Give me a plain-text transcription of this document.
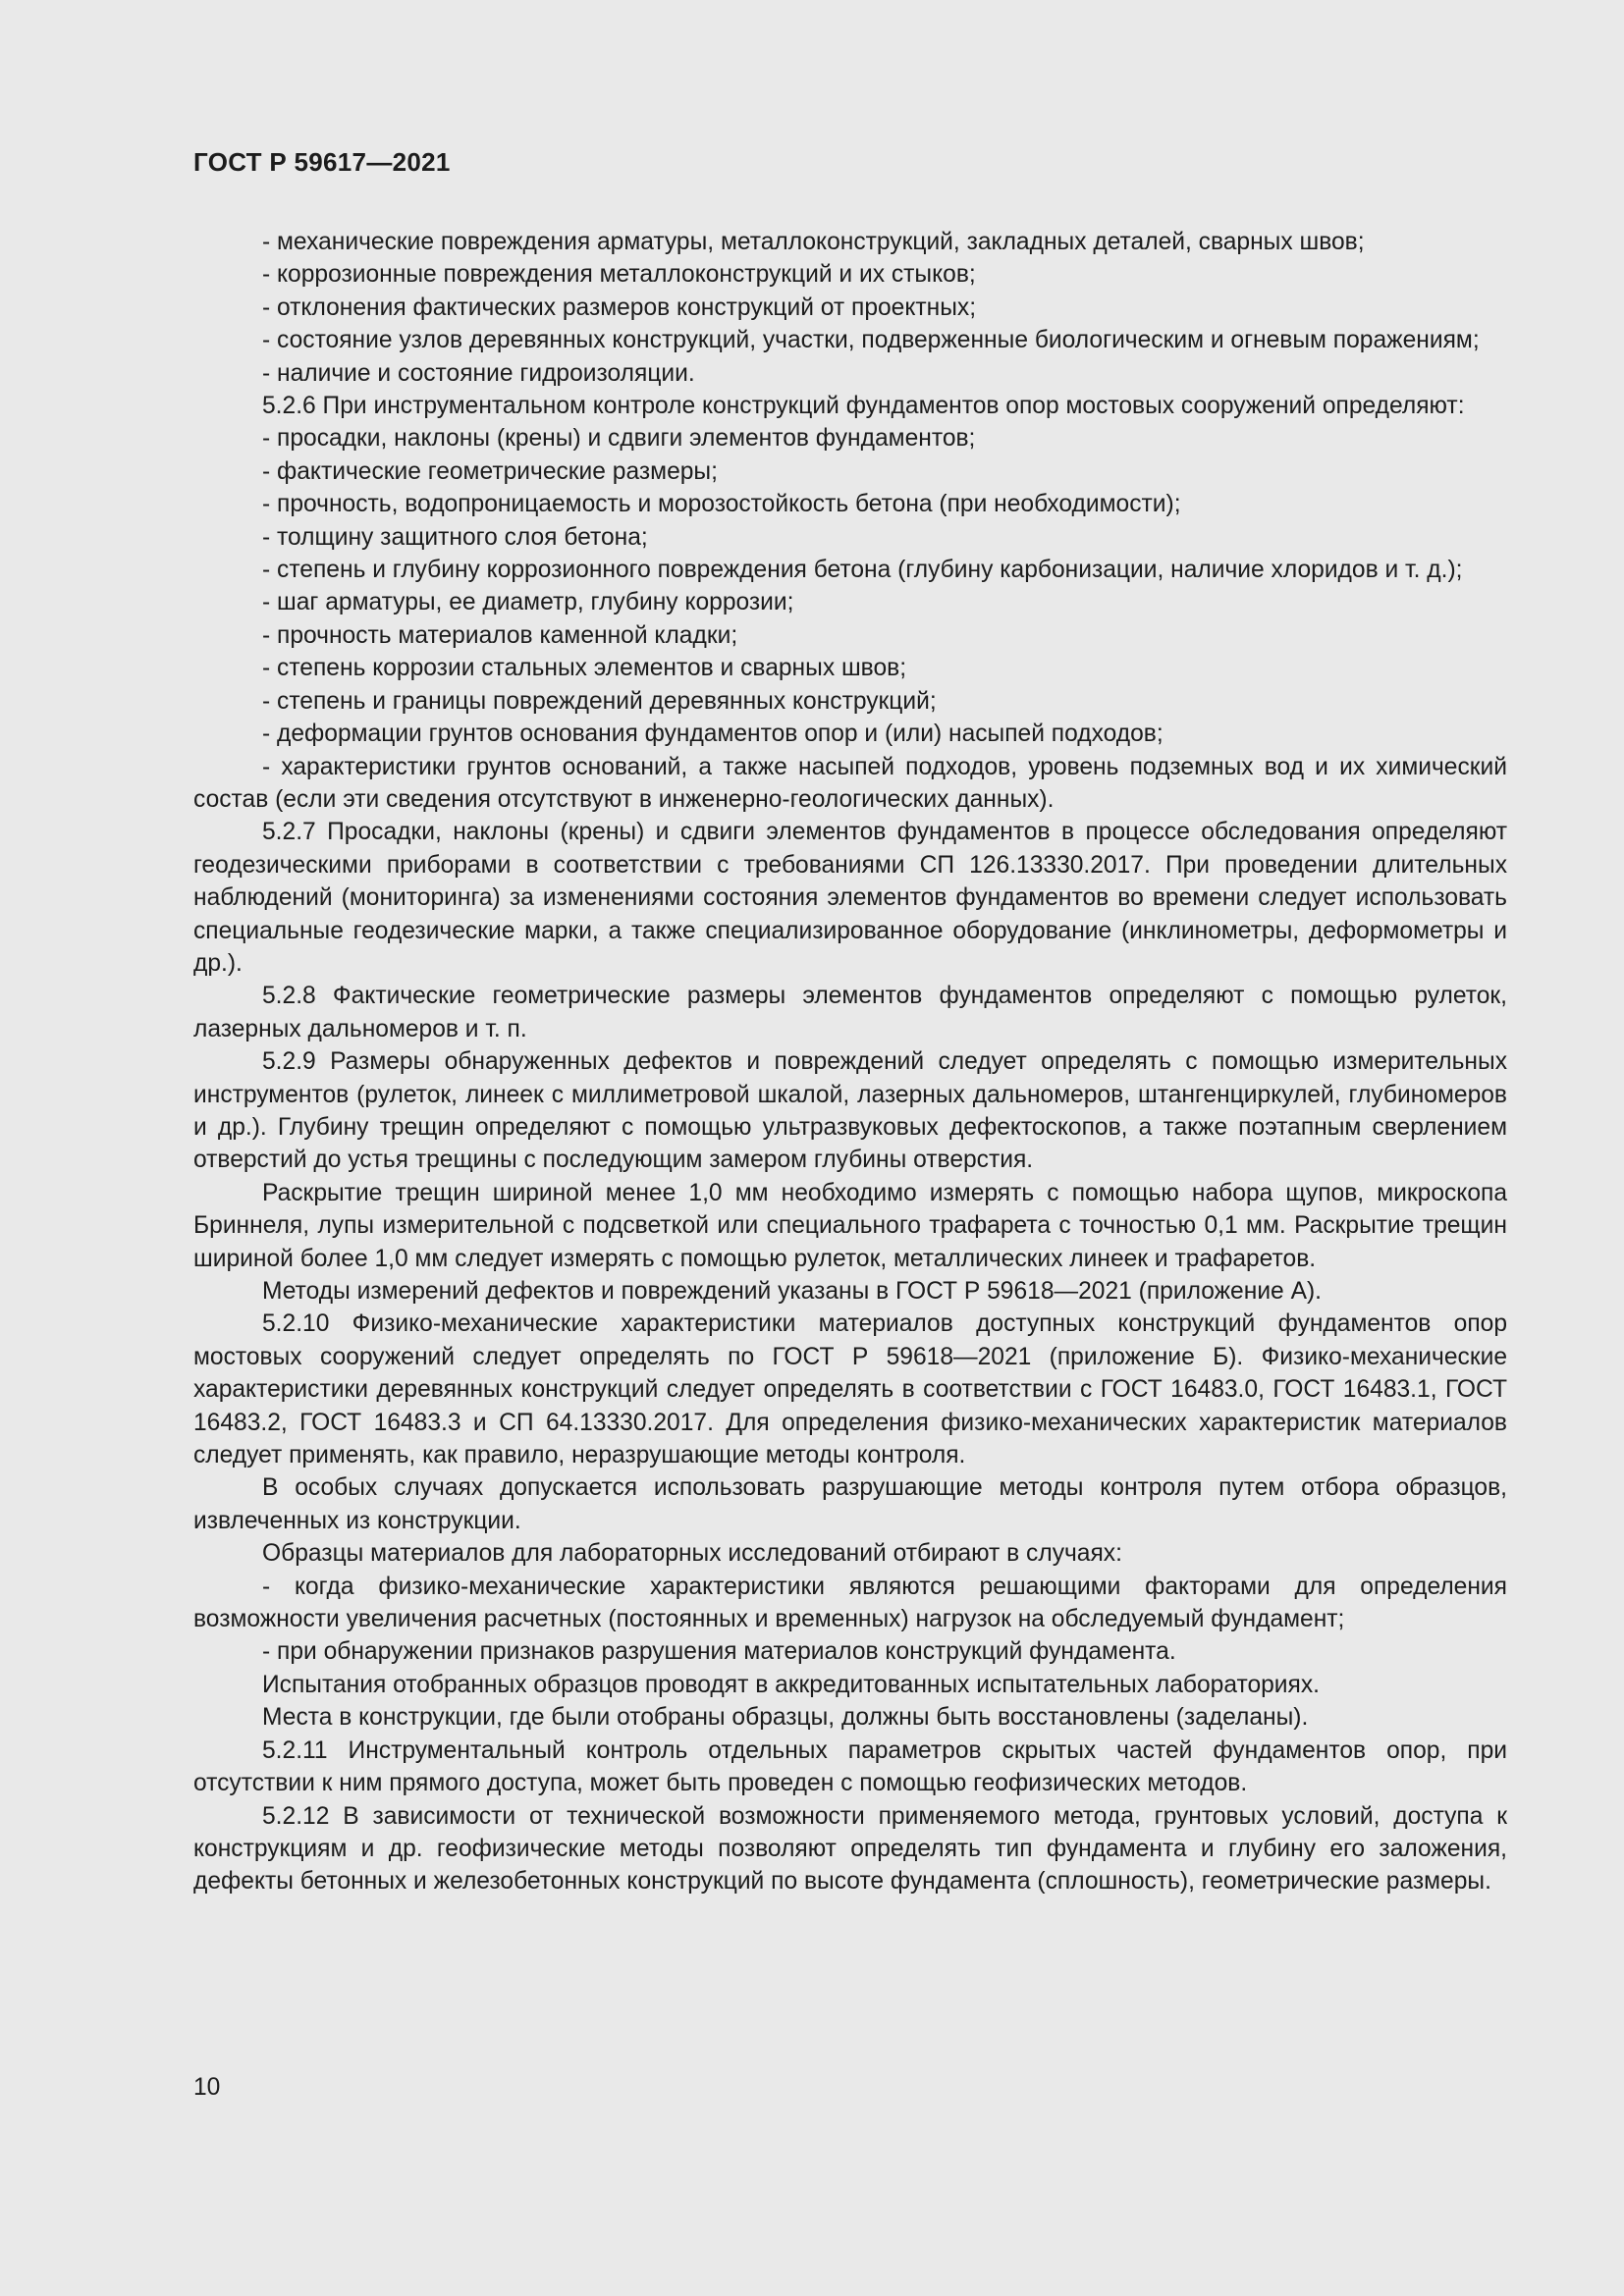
ГОСТ Р 59617—2021

- механические повреждения арматуры, металлоконструкций, закладных деталей, сварных швов;

- коррозионные повреждения металлоконструкций и их стыков;

- отклонения фактических размеров конструкций от проектных;

- состояние узлов деревянных конструкций, участки, подверженные биологическим и огневым поражениям;

- наличие и состояние гидроизоляции.

5.2.6 При инструментальном контроле конструкций фундаментов опор мостовых сооружений определяют:

- просадки, наклоны (крены) и сдвиги элементов фундаментов;

- фактические геометрические размеры;

- прочность, водопроницаемость и морозостойкость бетона (при необходимости);

- толщину защитного слоя бетона;

- степень и глубину коррозионного повреждения бетона (глубину карбонизации, наличие хлоридов и т. д.);

- шаг арматуры, ее диаметр, глубину коррозии;

- прочность материалов каменной кладки;

- степень коррозии стальных элементов и сварных швов;

- степень и границы повреждений деревянных конструкций;

- деформации грунтов основания фундаментов опор и (или) насыпей подходов;

- характеристики грунтов оснований, а также насыпей подходов, уровень подземных вод и их химический состав (если эти сведения отсутствуют в инженерно-геологических данных).

5.2.7 Просадки, наклоны (крены) и сдвиги элементов фундаментов в процессе обследования определяют геодезическими приборами в соответствии с требованиями СП 126.13330.2017. При проведении длительных наблюдений (мониторинга) за изменениями состояния элементов фундаментов во времени следует использовать специальные геодезические марки, а также специализированное оборудование (инклинометры, деформометры и др.).

5.2.8 Фактические геометрические размеры элементов фундаментов определяют с помощью рулеток, лазерных дальномеров и т. п.

5.2.9 Размеры обнаруженных дефектов и повреждений следует определять с помощью измерительных инструментов (рулеток, линеек с миллиметровой шкалой, лазерных дальномеров, штангенциркулей, глубиномеров и др.). Глубину трещин определяют с помощью ультразвуковых дефектоскопов, а также поэтапным сверлением отверстий до устья трещины с последующим замером глубины отверстия.

Раскрытие трещин шириной менее 1,0 мм необходимо измерять с помощью набора щупов, микроскопа Бриннеля, лупы измерительной с подсветкой или специального трафарета с точностью 0,1 мм. Раскрытие трещин шириной более 1,0 мм следует измерять с помощью рулеток, металлических линеек и трафаретов.

Методы измерений дефектов и повреждений указаны в ГОСТ Р 59618—2021 (приложение А).

5.2.10 Физико-механические характеристики материалов доступных конструкций фундаментов опор мостовых сооружений следует определять по ГОСТ Р 59618—2021 (приложение Б). Физико-механические характеристики деревянных конструкций следует определять в соответствии с ГОСТ 16483.0, ГОСТ 16483.1, ГОСТ 16483.2, ГОСТ 16483.3 и СП 64.13330.2017. Для определения физико-механических характеристик материалов следует применять, как правило, неразрушающие методы контроля.

В особых случаях допускается использовать разрушающие методы контроля путем отбора образцов, извлеченных из конструкции.

Образцы материалов для лабораторных исследований отбирают в случаях:

- когда физико-механические характеристики являются решающими факторами для определения возможности увеличения расчетных (постоянных и временных) нагрузок на обследуемый фундамент;

- при обнаружении признаков разрушения материалов конструкций фундамента.

Испытания отобранных образцов проводят в аккредитованных испытательных лабораториях.

Места в конструкции, где были отобраны образцы, должны быть восстановлены (заделаны).

5.2.11 Инструментальный контроль отдельных параметров скрытых частей фундаментов опор, при отсутствии к ним прямого доступа, может быть проведен с помощью геофизических методов.

5.2.12 В зависимости от технической возможности применяемого метода, грунтовых условий, доступа к конструкциям и др. геофизические методы позволяют определять тип фундамента и глубину его заложения, дефекты бетонных и железобетонных конструкций по высоте фундамента (сплошность), геометрические размеры.

10
